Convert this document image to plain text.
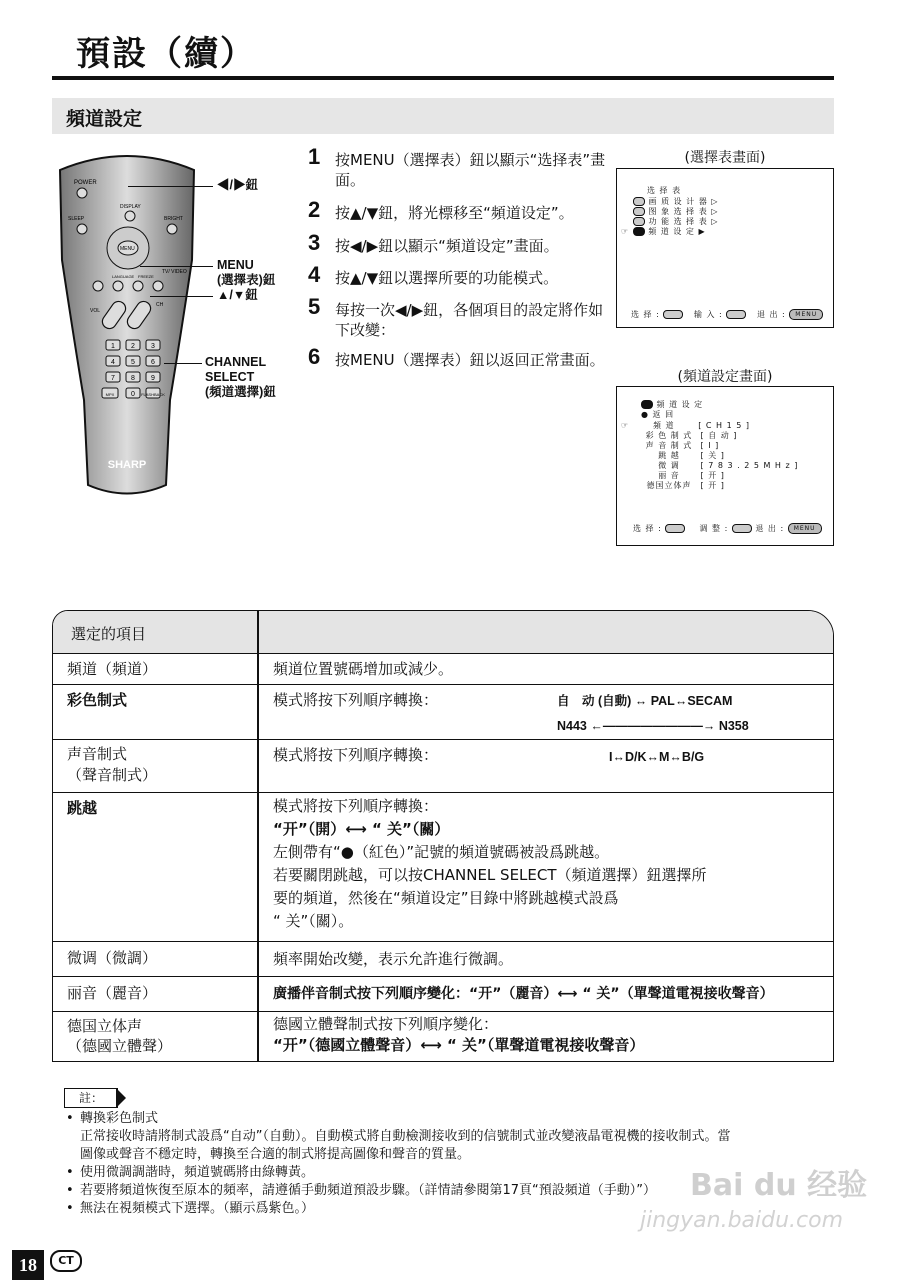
預設（續）
頻道設定
POWER
DISPLAY
SLEEP	BRIGHT
MENU
TV/ VIDEO
LANGUAGE FREEZE
VOL
CH
1 2 3
4 5 6
7 8 9
0
MPX	FLASHBACK
SHARP
◀/▶鈕
MENU
(選擇表)鈕
▲/▼鈕
CHANNEL
SELECT
(頻道選擇)鈕
1 按MENU（選擇表）鈕以顯示“选择表”畫面。
2 按▲/▼鈕，將光標移至“頻道设定”。
3 按◀/▶鈕以顯示“頻道设定”畫面。
4 按▲/▼鈕以選擇所要的功能模式。
5 每按一次◀/▶鈕，各個項目的設定將作如下改變：
6 按MENU（選擇表）鈕以返回正常畫面。
(選擇表畫面)
选 择 表
画 质 设 计 器 ▷
图 象 选 择 表 ▷
功 能 选 择 表 ▷
☞  頻 道 设 定 ▶
选 择 :	输 入 :	退 出 : MENU
(頻道設定畫面)
頻 道 设 定
● 返 回
☞	頻 道	[ C H 1 5 ]
彩 色 制 式 [ 自 动 ]
声 音 制 式 [ I ]
跳 越	[ 关 ]
微 调	[ 7 8 3 . 2 5 M H z ]
丽 音	[ 开 ]
德国立体声 [ 开 ]
选 择 :	调 整 :	退 出 : MENU
選定的項目
頻道（頻道）	頻道位置號碼增加或減少。
彩色制式	模式將按下列順序轉換：	自　动 (自動) ↔ PAL↔SECAM
N443 ←————————→ N358
声音制式
（聲音制式）
模式將按下列順序轉換：	I↔D/K↔M↔B/G
跳越	模式將按下列順序轉換：
“开”（開）⟷ “ 关”（關）
左側帶有“●（紅色）”記號的頻道號碼被設爲跳越。
若要關閉跳越，可以按CHANNEL SELECT（頻道選擇）鈕選擇所
要的頻道，然後在“頻道设定”目錄中將跳越模式設爲
“ 关”（關）。
微调（微調）	頻率開始改變，表示允許進行微調。
丽音（麗音）	廣播伴音制式按下列順序變化：“开”（麗音）⟷ “ 关”（單聲道電視接收聲音）
德国立体声
（德國立體聲）
德國立體聲制式按下列順序變化：
“开”（德國立體聲音）⟷ “ 关”（單聲道電視接收聲音）
註：
• 轉換彩色制式
正常接收時請將制式設爲“自动”（自動）。自動模式將自動檢測接收到的信號制式並改變液晶電視機的接收制式。當
圖像或聲音不穩定時，轉換至合適的制式將提高圖像和聲音的質量。
• 使用微調調諧時，頻道號碼將由綠轉黃。
• 若要將頻道恢復至原本的頻率，請遵循手動頻道預設步驟。（詳情請參閱第17頁“預設頻道（手動）”）
• 無法在視頻模式下選擇。（顯示爲紫色。）
18	CT
Bai du 经验
jingyan.baidu.com
